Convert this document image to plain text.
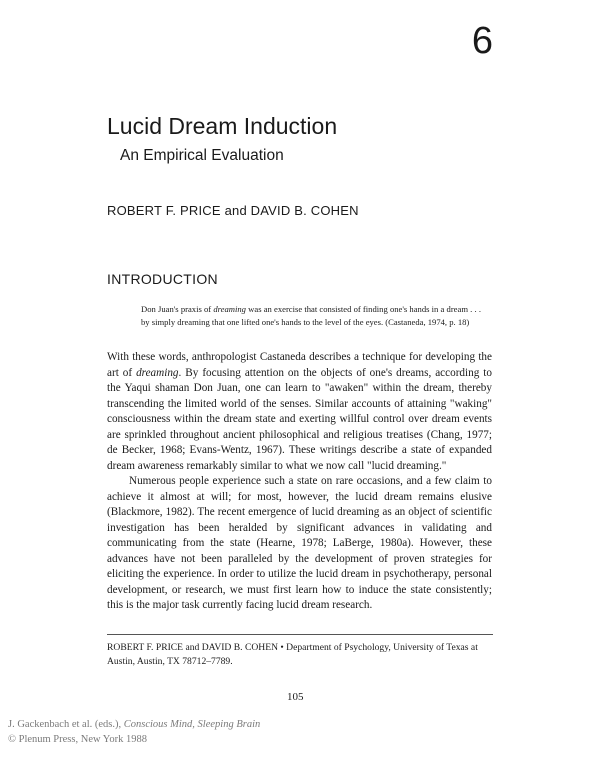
6
Lucid Dream Induction
An Empirical Evaluation
ROBERT F. PRICE and DAVID B. COHEN
INTRODUCTION

Don Juan's praxis of dreaming was an exercise that consisted of finding one's hands in a dream . . . by simply dreaming that one lifted one's hands to the level of the eyes. (Castaneda, 1974, p. 18)

With these words, anthropologist Castaneda describes a technique for developing the art of dreaming. By focusing attention on the objects of one's dreams, according to the Yaqui shaman Don Juan, one can learn to "awaken" within the dream, thereby transcending the limited world of the senses. Similar accounts of attaining "waking" consciousness within the dream state and exerting willful control over dream events are sprinkled throughout ancient philosophical and religious treatises (Chang, 1977; de Becker, 1968; Evans-Wentz, 1967). These writings describe a state of expanded dream awareness remarkably similar to what we now call "lucid dreaming."

Numerous people experience such a state on rare occasions, and a few claim to achieve it almost at will; for most, however, the lucid dream remains elusive (Blackmore, 1982). The recent emergence of lucid dreaming as an object of scientific investigation has been heralded by significant advances in validating and communicating from the state (Hearne, 1978; LaBerge, 1980a). However, these advances have not been paralleled by the development of proven strategies for eliciting the experience. In order to utilize the lucid dream in psychotherapy, personal development, or research, we must first learn how to induce the state consistently; this is the major task currently facing lucid dream research.

ROBERT F. PRICE and DAVID B. COHEN • Department of Psychology, University of Texas at Austin, Austin, TX 78712–7789.

105
J. Gackenbach et al. (eds.), Conscious Mind, Sleeping Brain
© Plenum Press, New York 1988
